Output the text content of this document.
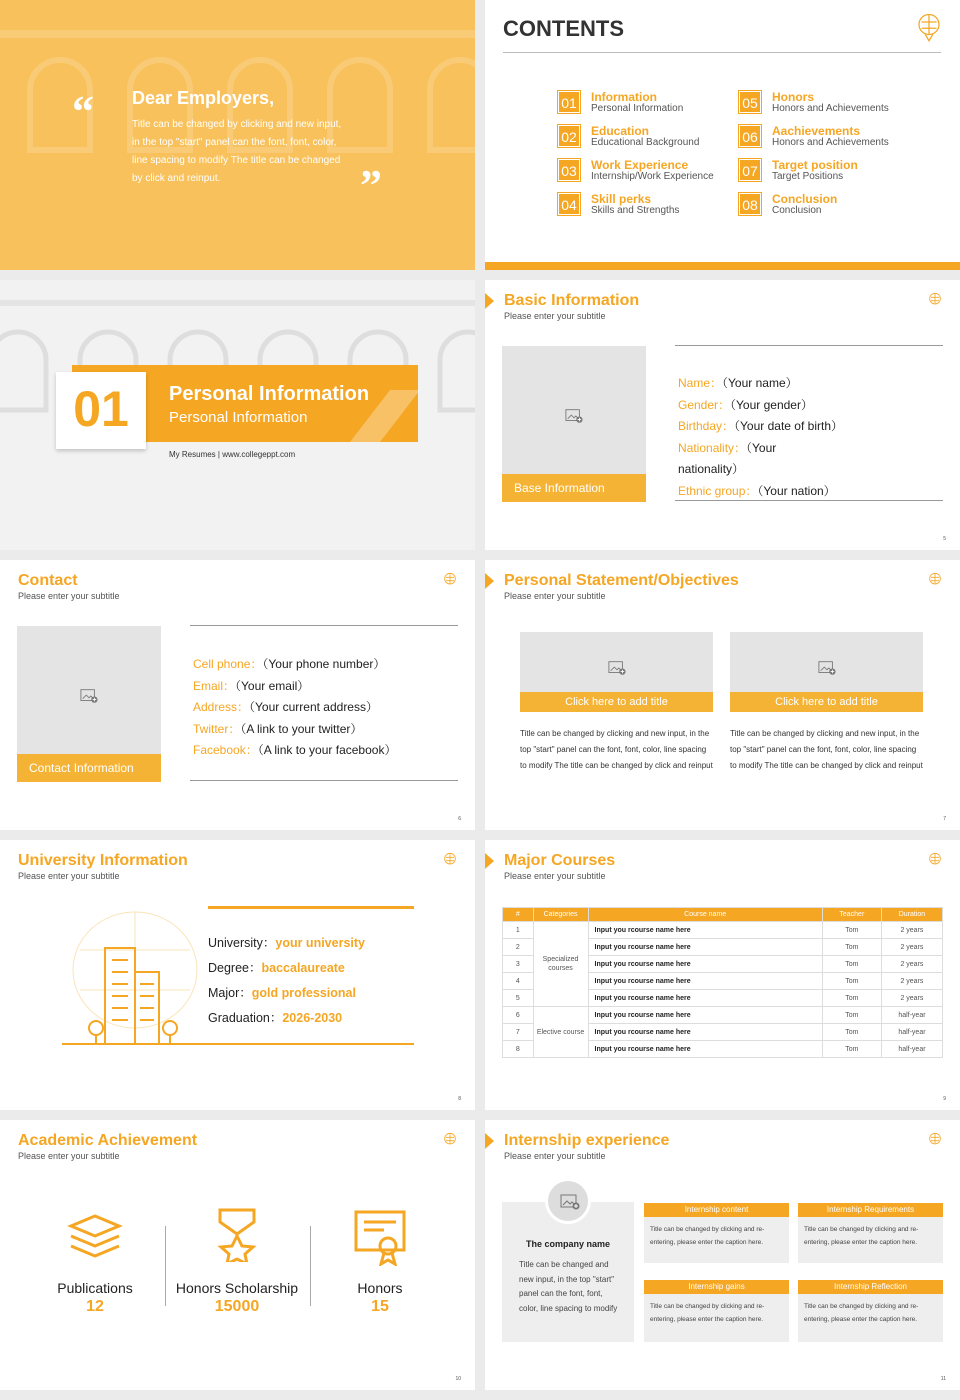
“ Dear Employers,
Title can be changed by clicking and new input, in the top "start" panel can the font, font, color, line spacing to modify The title can be changed by click and reinput.	”
CONTENTS
01 Information
Personal Information
02 Education
Educational Background
03 Work Experience
Internship/Work Experience
04 Skill perks
Skills and Strengths
05 Honors
Honors and Achievements
06 Aachievements
Honors and Achievements
07 Target position
Target Positions
08 Conclusion
Conclusion
01	Personal Information
Personal Information
My Resumes | www.collegeppt.com
Basic Information
Please enter your subtitle
Base Information
Name：（Your name）
Gender：（Your gender）
Birthday：（Your date of birth）
Nationality：（Your
nationality）
Ethnic group：（Your nation）
5
Contact
Please enter your subtitle
Contact Information
Cell phone：（Your phone number）
Email：（Your email）
Address：（Your current address）
Twitter：（A link to your twitter）
Facebook：（A link to your facebook）
6
Personal Statement/Objectives
Please enter your subtitle
Click here to add title
Title can be changed by clicking and new input, in the top "start" panel can the font, font, color, line spacing to modify The title can be changed by click and reinput
Click here to add title
Title can be changed by clicking and new input, in the top "start" panel can the font, font, color, line spacing to modify The title can be changed by click and reinput
7
University Information
Please enter your subtitle
University：your university
Degree：baccalaureate
Major：gold professional
Graduation：2026-2030
8
Major Courses
Please enter your subtitle
#	Categories	Course name	Teacher	Duration
1	Specialized courses	Input you rcourse name here	Tom	2 years
2		Input you rcourse name here	Tom	2 years
3		Input you rcourse name here	Tom	2 years
4		Input you rcourse name here	Tom	2 years
5		Input you rcourse name here	Tom	2 years
6	Elective course	Input you rcourse name here	Tom	half-year
7		Input you rcourse name here	Tom	half-year
8		Input you rcourse name here	Tom	half-year
9
Academic Achievement
Please enter your subtitle
Publications
12
Honors Scholarship
15000
Honors
15
10
Internship experience
Please enter your subtitle
The company name
Title can be changed and new input, in the top "start" panel can the font, font, color, line spacing to modify
Internship content
Title can be changed by clicking and re-entering, please enter the caption here.
Internship Requirements
Title can be changed by clicking and re-entering, please enter the caption here.
Internship gains
Title can be changed by clicking and re-entering, please enter the caption here.
Internship Reflection
Title can be changed by clicking and re-entering, please enter the caption here.
11
